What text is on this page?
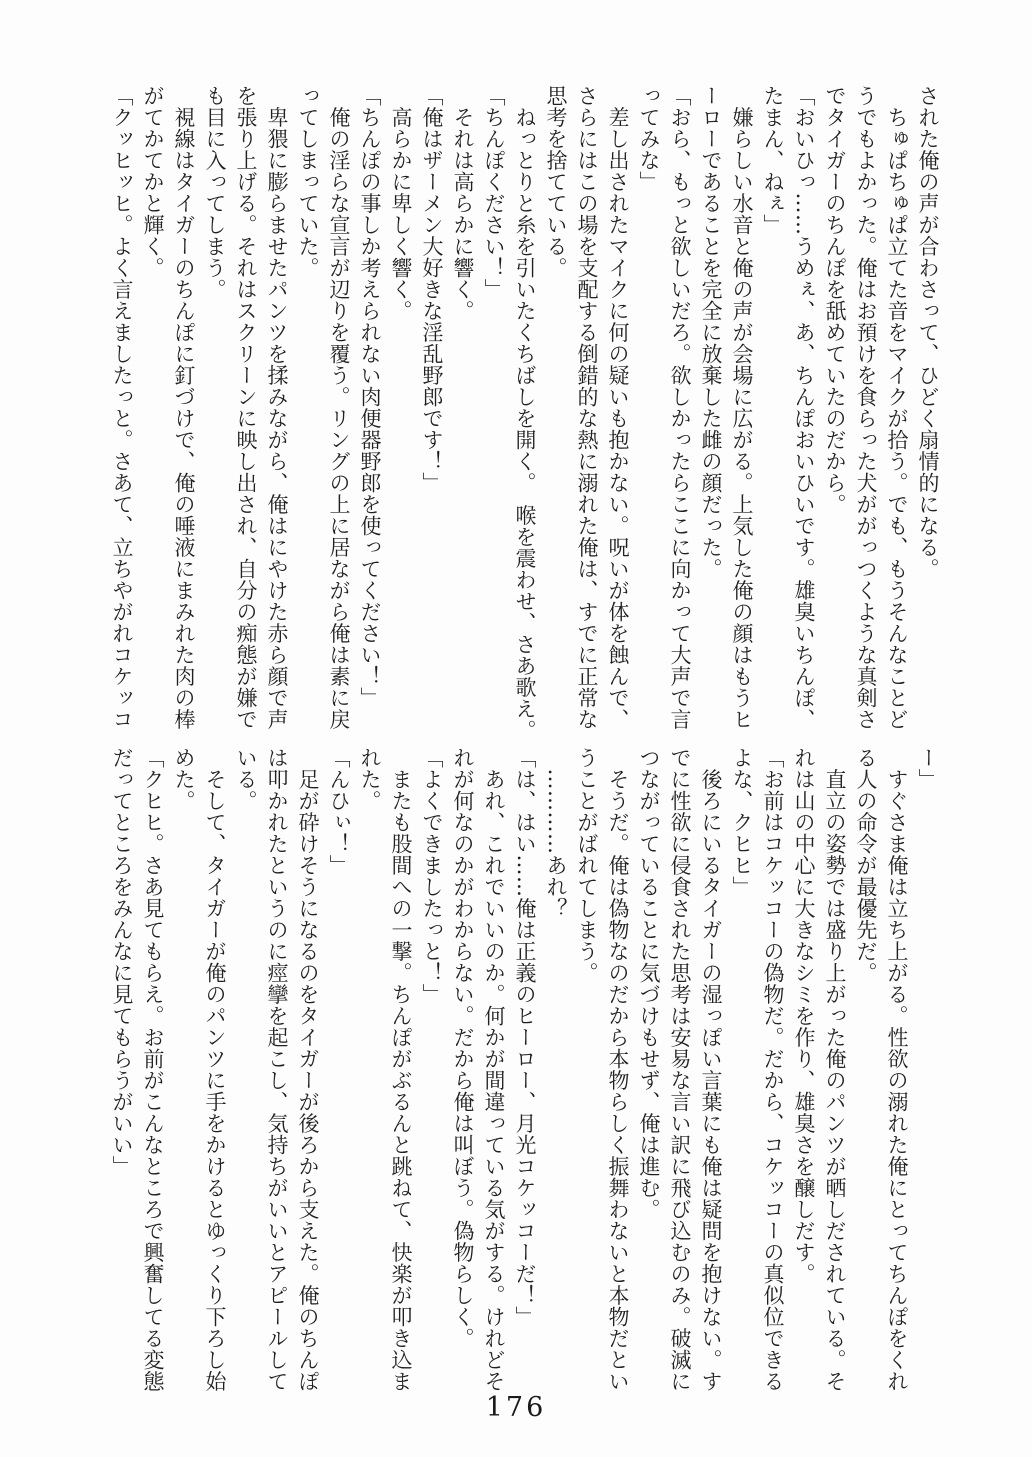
された俺の声が合わさって、ひどく扇情的になる。
　ちゅぱちゅぱ立てた音をマイクが拾う。でも、もうそんなことど
うでもよかった。俺はお預けを食らった犬ががっつくような真剣さ
でタイガーのちんぽを舐めていたのだから。
「おいひっ……うめぇ、あ、ちんぽおいひいです。雄臭いちんぽ、
たまん、ねぇ」
　嫌らしい水音と俺の声が会場に広がる。上気した俺の顔はもうヒ
ーローであることを完全に放棄した雌の顔だった。
「おら、もっと欲しいだろ。欲しかったらここに向かって大声で言
ってみな」
　差し出されたマイクに何の疑いも抱かない。呪いが体を蝕んで、
さらにはこの場を支配する倒錯的な熱に溺れた俺は、すでに正常な
思考を捨てている。
　ねっとりと糸を引いたくちばしを開く。　喉を震わせ、さあ歌え。
「ちんぽください！」
　それは高らかに響く。
「俺はザーメン大好きな淫乱野郎です！」
　高らかに卑しく響く。
「ちんぽの事しか考えられない肉便器野郎を使ってください！」
　俺の淫らな宣言が辺りを覆う。リングの上に居ながら俺は素に戻
ってしまっていた。
　卑猥に膨らませたパンツを揉みながら、俺はにやけた赤ら顔で声
を張り上げる。それはスクリーンに映し出され、自分の痴態が嫌で
も目に入ってしまう。
　視線はタイガーのちんぽに釘づけで、俺の唾液にまみれた肉の棒
がてかてかと輝く。
「クッヒッヒ。よく言えましたっと。さあて、立ちやがれコケッコ
ー」
　すぐさま俺は立ち上がる。性欲の溺れた俺にとってちんぽをくれ
る人の命令が最優先だ。
　直立の姿勢では盛り上がった俺のパンツが晒しだされている。そ
れは山の中心に大きなシミを作り、雄臭さを醸しだす。
「お前はコケッコーの偽物だ。だから、コケッコーの真似位できる
よな、クヒヒ」
　後ろにいるタイガーの湿っぽい言葉にも俺は疑問を抱けない。す
でに性欲に侵食された思考は安易な言い訳に飛び込むのみ。破滅に
つながっていることに気づけもせず、俺は進む。
　そうだ。俺は偽物なのだから本物らしく振舞わないと本物だとい
うことがばれてしまう。
　…………あれ？
「は、はい……俺は正義のヒーロー、月光コケッコーだ！」
　あれ、これでいいのか。何かが間違っている気がする。けれどそ
れが何なのかがわからない。だから俺は叫ぼう。偽物らしく。
「よくできましたっと！」
　またも股間への一撃。ちんぽがぶるんと跳ねて、快楽が叩き込ま
れた。
「んひぃ！」
　足が砕けそうになるのをタイガーが後ろから支えた。俺のちんぽ
は叩かれたというのに痙攣を起こし、気持ちがいいとアピールして
いる。
　そして、タイガーが俺のパンツに手をかけるとゆっくり下ろし始
めた。
「クヒヒ。さあ見てもらえ。お前がこんなところで興奮してる変態
だってところをみんなに見てもらうがいい」
176
